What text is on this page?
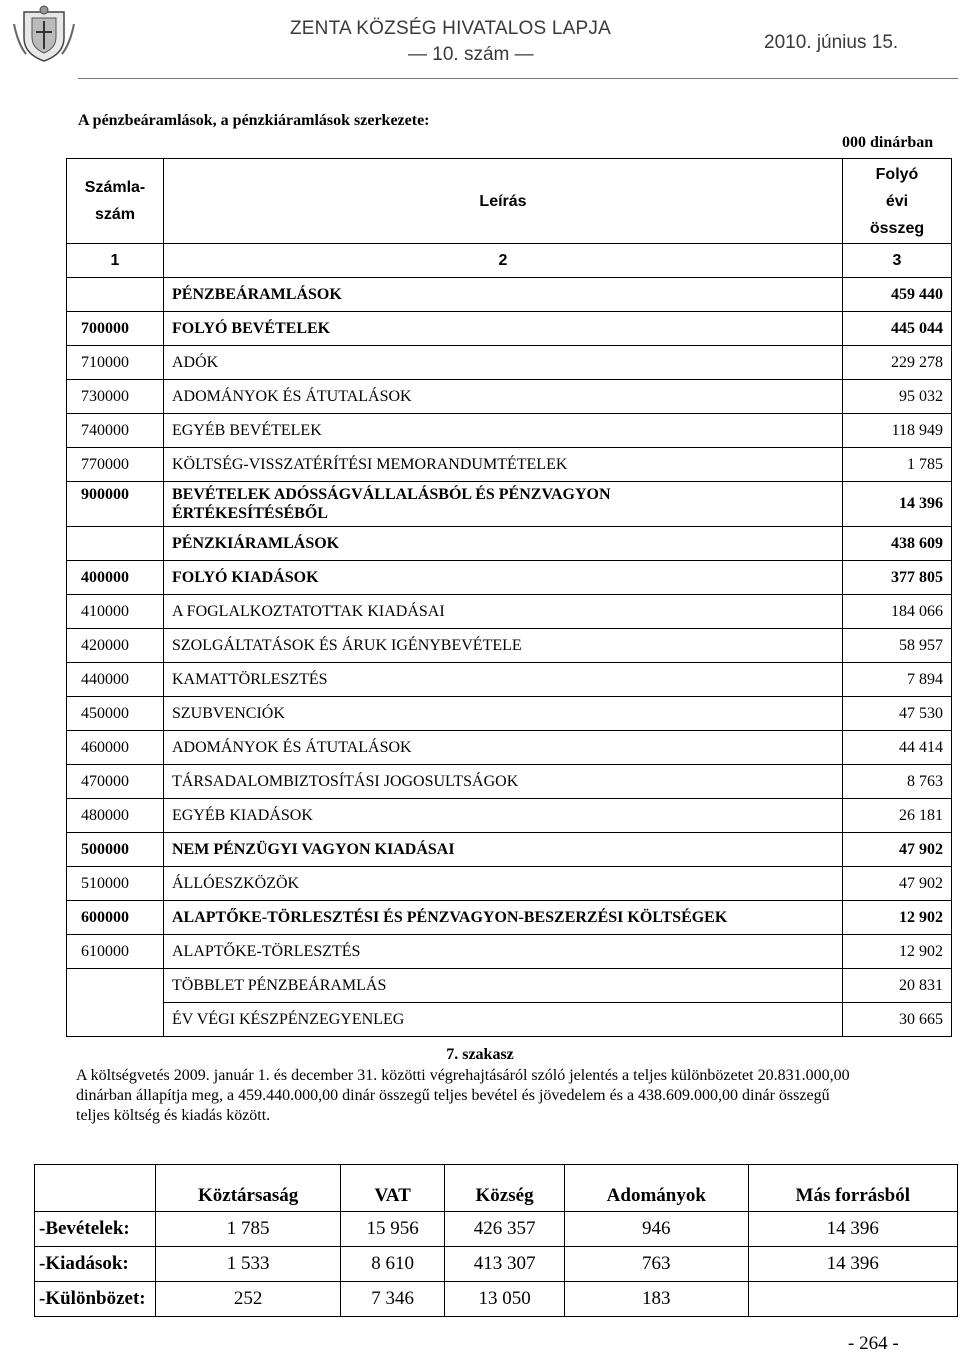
ZENTA KÖZSÉG HIVATALOS LAPJA
— 10. szám —
2010. június 15.
A pénzbeáramlások, a pénzkiáramlások szerkezete:
000 dinárban
Számla-
szám	Leírás	Folyó
évi
összeg
1	2	3
	PÉNZBEÁRAMLÁSOK	459 440
700000	FOLYÓ BEVÉTELEK	445 044
710000	ADÓK	229 278
730000	ADOMÁNYOK ÉS ÁTUTALÁSOK	95 032
740000	EGYÉB BEVÉTELEK	118 949
770000	KÖLTSÉG-VISSZATÉRÍTÉSI MEMORANDUMTÉTELEK	1 785
900000	BEVÉTELEK ADÓSSÁGVÁLLALÁSBÓL ÉS PÉNZVAGYON
ÉRTÉKESÍTÉSÉBŐL	14 396
	PÉNZKIÁRAMLÁSOK	438 609
400000	FOLYÓ KIADÁSOK	377 805
410000	A FOGLALKOZTATOTTAK KIADÁSAI	184 066
420000	SZOLGÁLTATÁSOK ÉS ÁRUK IGÉNYBEVÉTELE	58 957
440000	KAMATTÖRLESZTÉS	7 894
450000	SZUBVENCIÓK	47 530
460000	ADOMÁNYOK ÉS ÁTUTALÁSOK	44 414
470000	TÁRSADALOMBIZTOSÍTÁSI JOGOSULTSÁGOK	8 763
480000	EGYÉB KIADÁSOK	26 181
500000	NEM PÉNZÜGYI VAGYON KIADÁSAI	47 902
510000	ÁLLÓESZKÖZÖK	47 902
600000	ALAPTŐKE-TÖRLESZTÉSI ÉS PÉNZVAGYON-BESZERZÉSI KÖLTSÉGEK	12 902
610000	ALAPTŐKE-TÖRLESZTÉS	12 902
	TÖBBLET PÉNZBEÁRAMLÁS	20 831
	ÉV VÉGI KÉSZPÉNZEGYENLEG	30 665
7. szakasz
A költségvetés 2009. január 1. és december 31. közötti végrehajtásáról szóló jelentés a teljes különbözetet 20.831.000,00
dinárban állapítja meg, a 459.440.000,00 dinár összegű teljes bevétel és jövedelem és a 438.609.000,00 dinár összegű
teljes költség és kiadás között.
	Köztársaság	VAT	Község	Adományok	Más forrásból
-Bevételek:	1 785	15 956	426 357	946	14 396
-Kiadások:	1 533	8 610	413 307	763	14 396
-Különbözet:	252	7 346	13 050	183	
- 264 -
